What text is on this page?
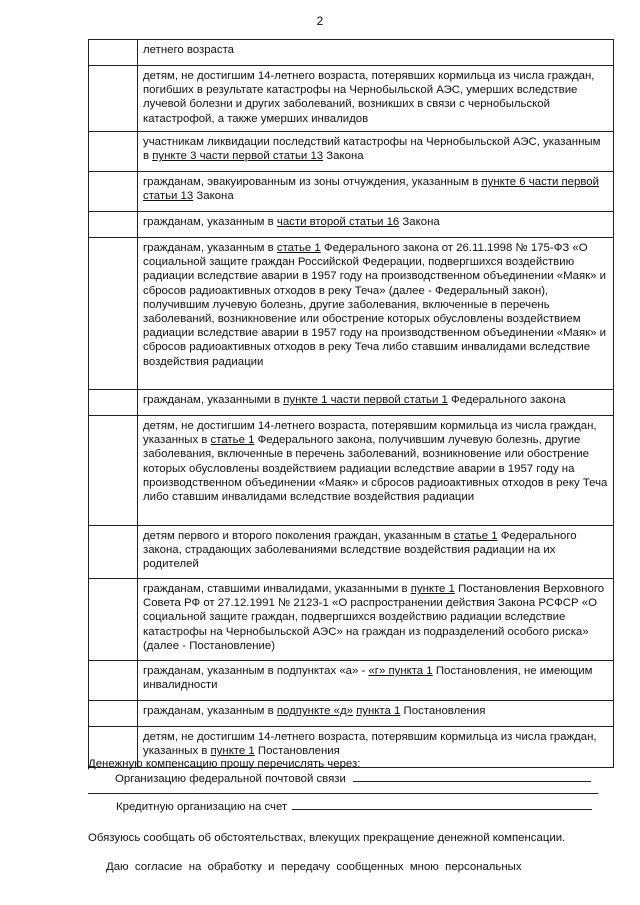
2
	летнего возраста
	детям, не достигшим 14-летнего возраста, потерявших кормильца из числа граждан, погибших в результате катастрофы на Чернобыльской АЭС, умерших вследствие лучевой болезни и других заболеваний, возникших в связи с чернобыльской катастрофой, а также умерших инвалидов
	участникам ликвидации последствий катастрофы на Чернобыльской АЭС, указанным в пункте 3 части первой статьи 13 Закона
	гражданам, эвакуированным из зоны отчуждения, указанным в пункте 6 части первой статьи 13 Закона
	гражданам, указанным в части второй статьи 16 Закона
	гражданам, указанным в статье 1 Федерального закона от 26.11.1998 № 175-ФЗ «О социальной защите граждан Российской Федерации, подвергшихся воздействию радиации вследствие аварии в 1957 году на производственном объединении «Маяк» и сбросов радиоактивных отходов в реку Теча» (далее - Федеральный закон), получившим лучевую болезнь, другие заболевания, включенные в перечень заболеваний, возникновение или обострение которых обусловлены воздействием радиации вследствие аварии в 1957 году на производственном объединении «Маяк» и сбросов радиоактивных отходов в реку Теча либо ставшим инвалидами вследствие воздействия радиации
	гражданам, указанными в пункте 1 части первой статьи 1 Федерального закона
	детям, не достигшим 14-летнего возраста, потерявшим кормильца из числа граждан, указанных в статье 1 Федерального закона, получившим лучевую болезнь, другие заболевания, включенные в перечень заболеваний, возникновение или обострение которых обусловлены воздействием радиации вследствие аварии в 1957 году на производственном объединении «Маяк» и сбросов радиоактивных отходов в реку Теча либо ставшим инвалидами вследствие воздействия радиации
	детям первого и второго поколения граждан, указанным в статье 1 Федерального закона, страдающих заболеваниями вследствие воздействия радиации на их родителей
	гражданам, ставшими инвалидами, указанными в пункте 1 Постановления Верховного Совета РФ от 27.12.1991 № 2123-1 «О распространении действия Закона РСФСР «О социальной защите граждан, подвергшихся воздействию радиации вследствие катастрофы на Чернобыльской АЭС» на граждан из подразделений особого риска» (далее - Постановление)
	гражданам, указанным в подпунктах «а» - «г» пункта 1 Постановления, не имеющим инвалидности
	гражданам, указанным в подпункте «д» пункта 1 Постановления
	детям, не достигшим 14-летнего возраста, потерявшим кормильца из числа граждан, указанных в пункте 1 Постановления
Денежную компенсацию прошу перечислять через:
Организацию федеральной почтовой связи
Кредитную организацию на счет
Обязуюсь сообщать об обстоятельствах, влекущих прекращение денежной компенсации.
Даю  согласие  на  обработку  и  передачу  сообщенных  мною  персональных
